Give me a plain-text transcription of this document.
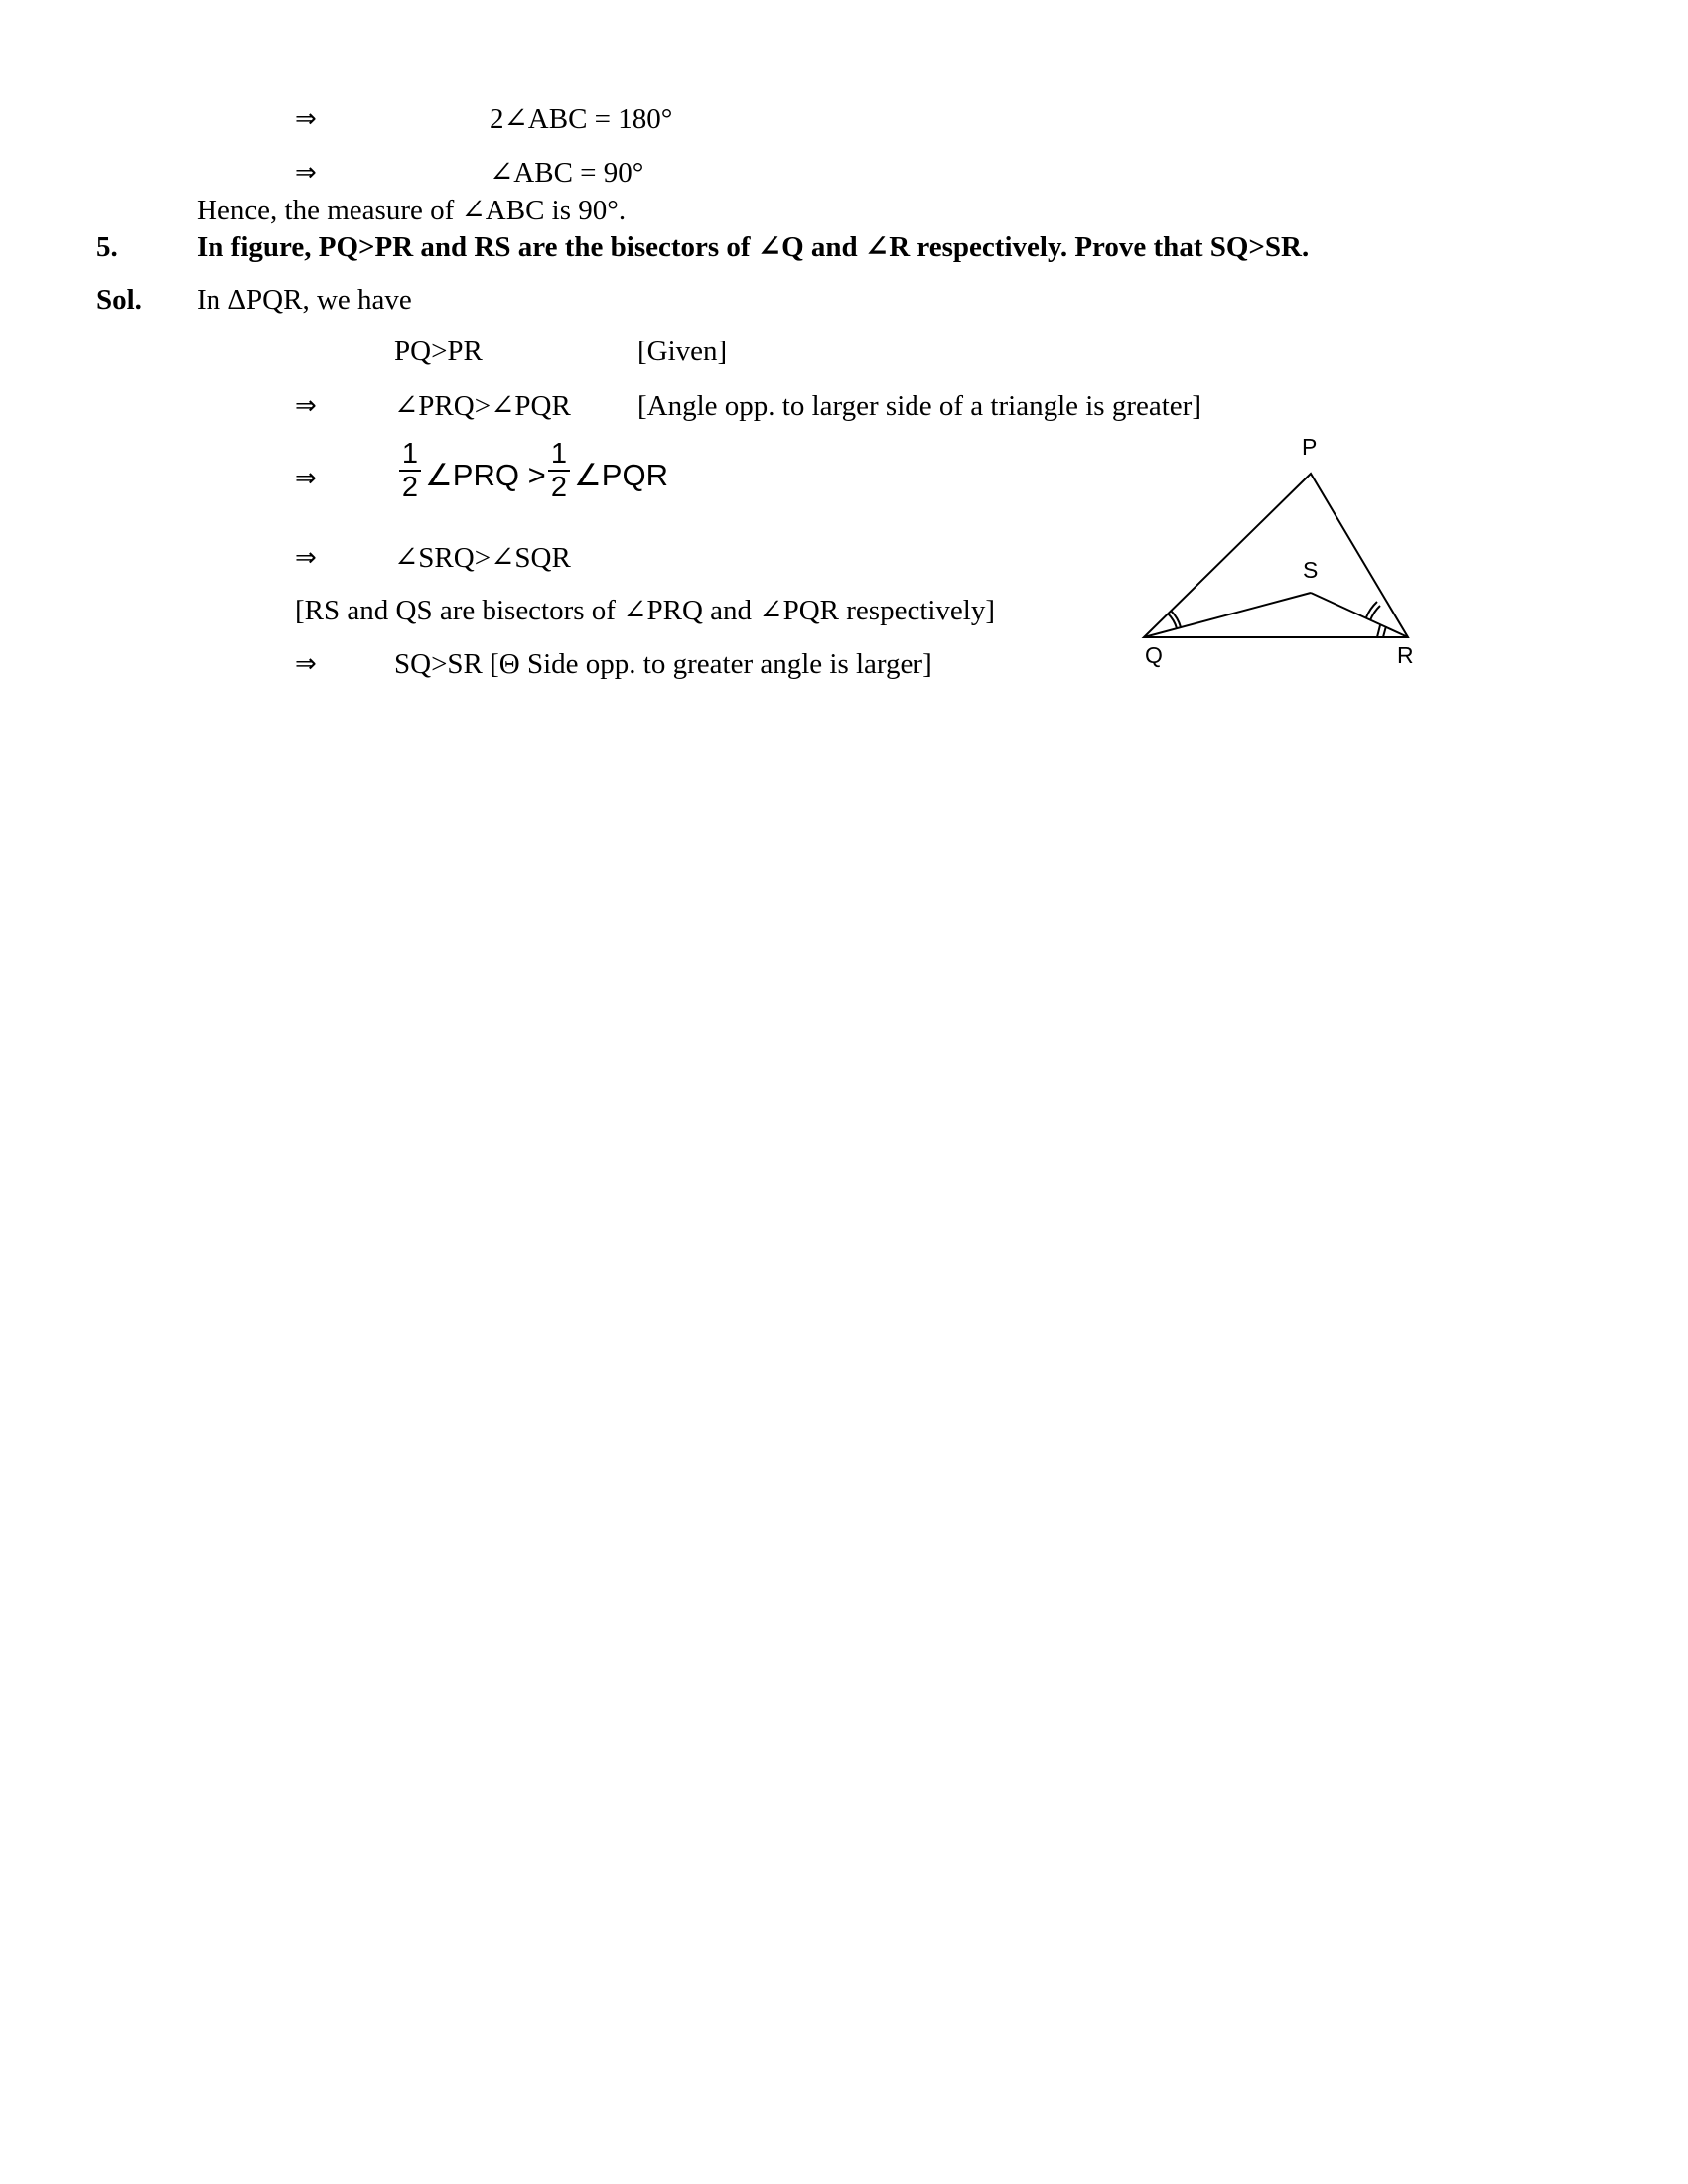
⇒	2∠ABC = 180°
⇒	∠ABC = 90°
Hence, the measure of ∠ABC is 90°.
5.	In figure, PQ>PR and RS are the bisectors of ∠Q and ∠R respectively. Prove that SQ>SR.
Sol. In ΔPQR, we have
PQ>PR	[Given]
⇒	∠PRQ>∠PQR [Angle opp. to larger side of a triangle is greater]
⇒
1
2 ∠PRQ >
1
2 ∠PQR
⇒	∠SRQ>∠SQR
[RS and QS are bisectors of ∠PRQ and ∠PQR respectively]
⇒	SQ>SR [Θ Side opp. to greater angle is larger]
P
S
Q	R
